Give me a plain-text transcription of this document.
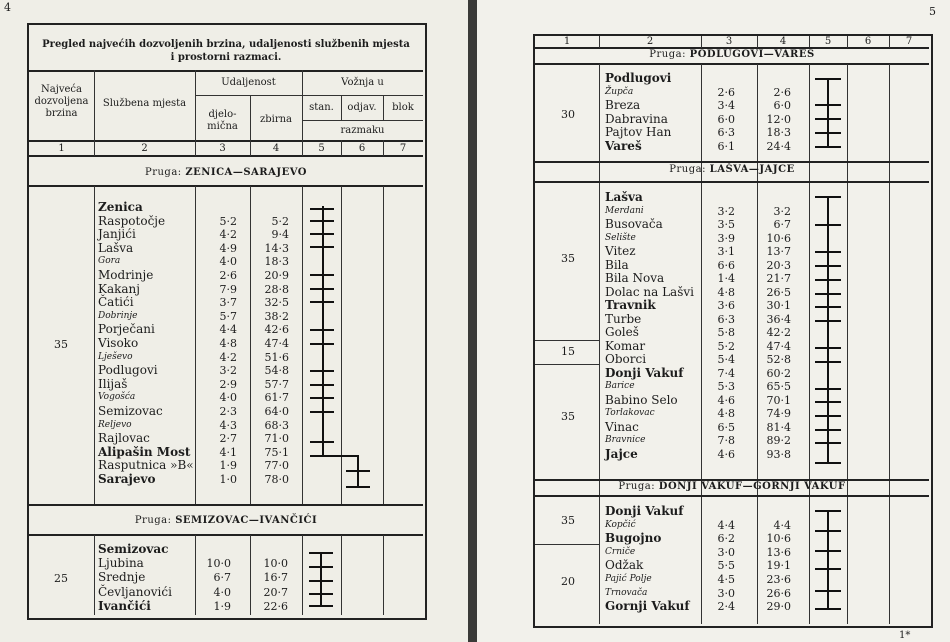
4
Pregled najvećih dozvoljenih brzina, udaljenosti službenih mjesta
i prostorni razmaci.
Najveća
dozvoljena
brzina
Službena mjesta
Udaljenost
djelo-
mična
zbirna
Vožnja u
stan.	odjav.	blok
razmaku
1	2	3	4	5	6	7
Pruga: ZENICA—SARAJEVO
35
Zenica
Raspotočje	5·2	5·2
Janjići	4·2	9·4
Lašva	4·9	14·3
Gora	4·0	18·3
Modrinje	2·6	20·9
Kakanj	7·9	28·8
Čatići	3·7	32·5
Dobrinje	5·7	38·2
Porječani	4·4	42·6
Visoko	4·8	47·4
Lješevo	4·2	51·6
Podlugovi	3·2	54·8
Ilijaš	2·9	57·7
Vogošća	4·0	61·7
Semizovac	2·3	64·0
Reljevo	4·3	68·3
Rajlovac	2·7	71·0
Alipašin Most	4·1	75·1
Rasputnica »B«	1·9	77·0
Sarajevo	1·0	78·0
Pruga: SEMIZOVAC—IVANČIĆI
25
Semizovac
Ljubina	10·0	10·0
Srednje	6·7	16·7
Čevljanovići	4·0	20·7
Ivančići	1·9	22·6
5
1*
1	2	3	4	5	6	7
Pruga: PODLUGOVI—VAREŠ
30
Podlugovi
Župča	2·6	2·6
Breza	3·4	6·0
Dabravina	6·0	12·0
Pajtov Han	6·3	18·3
Vareš	6·1	24·4
Pruga: LAŠVA—JAJCE
35
15
35
Lašva
Merdani	3·2	3·2
Busovača	3·5	6·7
Selište	3·9	10·6
Vitez	3·1	13·7
Bila	6·6	20·3
Bila Nova	1·4	21·7
Dolac na Lašvi	4·8	26·5
Travnik	3·6	30·1
Turbe	6·3	36·4
Goleš	5·8	42·2
Komar	5·2	47·4
Oborci	5·4	52·8
Donji Vakuf	7·4	60·2
Barice	5·3	65·5
Babino Selo	4·6	70·1
Torlakovac	4·8	74·9
Vinac	6·5	81·4
Bravnice	7·8	89·2
Jajce	4·6	93·8
Pruga: DONJI VAKUF—GORNJI VAKUF
35
20
Donji Vakuf
Kopčić	4·4	4·4
Bugojno	6·2	10·6
Crniče	3·0	13·6
Odžak	5·5	19·1
Pajić Polje	4·5	23·6
Trnovača	3·0	26·6
Gornji Vakuf	2·4	29·0
